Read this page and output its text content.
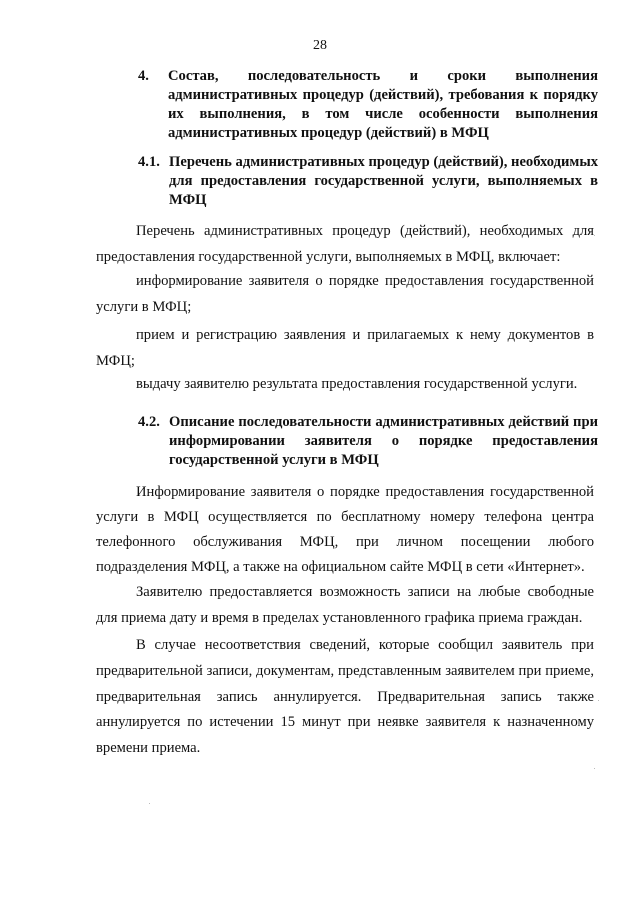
28
4. Состав, последовательность и сроки выполнения административных процедур (действий), требования к порядку их выполнения, в том числе особенности выполнения административных процедур (действий) в МФЦ
4.1. Перечень административных процедур (действий), необходимых для предоставления государственной услуги, выполняемых в МФЦ

Перечень административных процедур (действий), необходимых для предоставления государственной услуги, выполняемых в МФЦ, включает:

информирование заявителя о порядке предоставления государственной услуги в МФЦ;

прием и регистрацию заявления и прилагаемых к нему документов в МФЦ;

выдачу заявителю результата предоставления государственной услуги.

4.2. Описание последовательности административных действий при информировании заявителя о порядке предоставления государственной услуги в МФЦ

Информирование заявителя о порядке предоставления государственной услуги в МФЦ осуществляется по бесплатному номеру телефона центра телефонного обслуживания МФЦ, при личном посещении любого подразделения МФЦ, а также на официальном сайте МФЦ в сети «Интернет».

Заявителю предоставляется возможность записи на любые свободные для приема дату и время в пределах установленного графика приема граждан.

В случае несоответствия сведений, которые сообщил заявитель при предварительной записи, документам, представленным заявителем при приеме, предварительная запись аннулируется. Предварительная запись также аннулируется по истечении 15 минут при неявке заявителя к назначенному времени приема.
